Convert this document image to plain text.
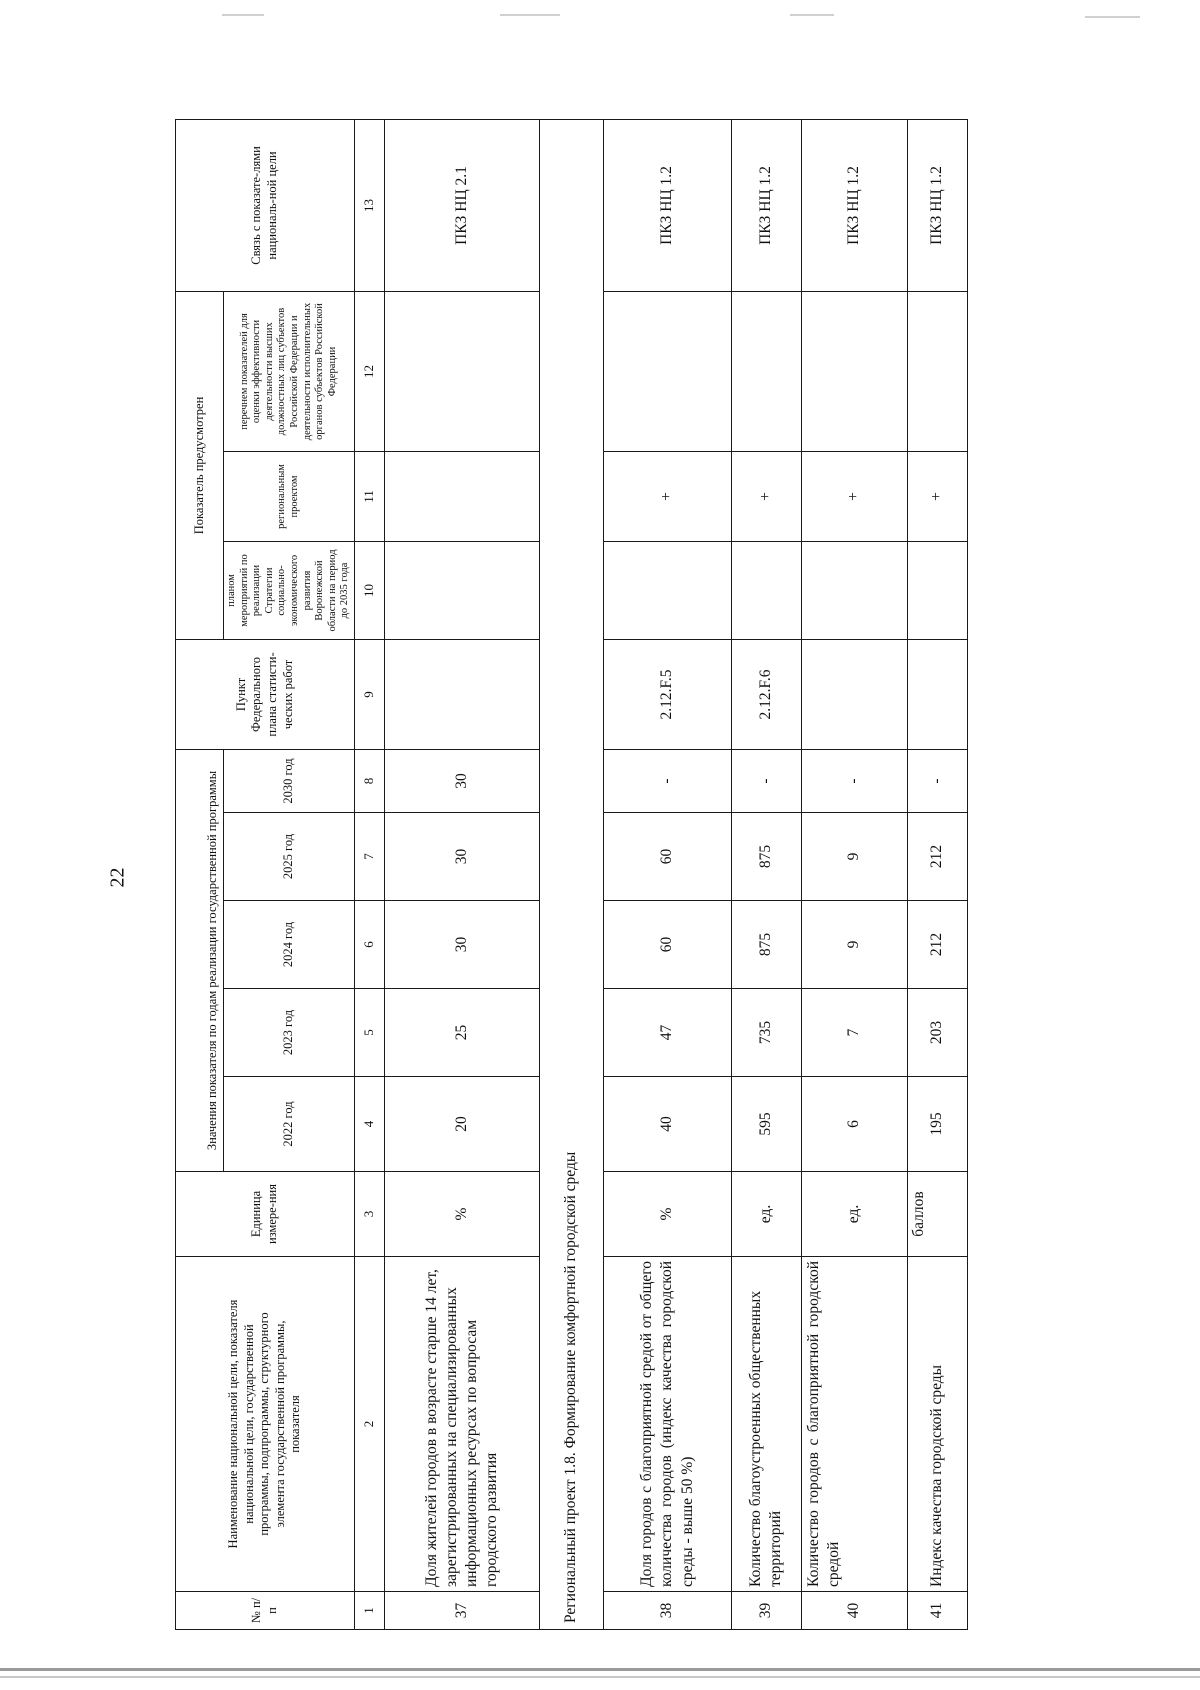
22
№ п/п	Наименование национальной цели, показателя национальной цели, государственной программы, подпрограммы, структурного элемента государственной программы, показателя	Единица измере-ния	Значения показателя по годам реализации государственной программы					Пункт Федерального плана статисти-ческих работ	Показатель предусмотрен			Связь с показате-лями националь-ной цели
			2022 год	2023 год	2024 год	2025 год	2030 год		планом мероприятий по реализации Стратегии социально-экономического развития Воронежской области на период до 2035 года	региональным проектом	перечнем показателей для оценки эффективности деятельности высших должностных лиц субъектов Российской Федерации и деятельности исполнительных органов субъектов Российской Федерации	
1	2	3	4	5	6	7	8	9	10	11	12	13
37	Доля жителей городов в возрасте старше 14 лет, зарегистрированных на специализированных информационных ресурсах по вопросам городского развития	%	20	25	30	30	30					ПКЗ НЦ 2.1
Региональный проект 1.8. Формирование комфортной городской среды												
38	Доля городов с благоприятной средой от общего количества городов (индекс качества городской среды - выше 50 %)	%	40	47	60	60	-	2.12.F.5		+		ПКЗ НЦ 1.2
39	Количество благоустроенных общественных территорий	ед.	595	735	875	875	-	2.12.F.6		+		ПКЗ НЦ 1.2
40	Количество городов с благоприятной городской средой	ед.	6	7	9	9	-			+		ПКЗ НЦ 1.2
41	Индекс качества городской среды	баллов	195	203	212	212	-			+		ПКЗ НЦ 1.2
